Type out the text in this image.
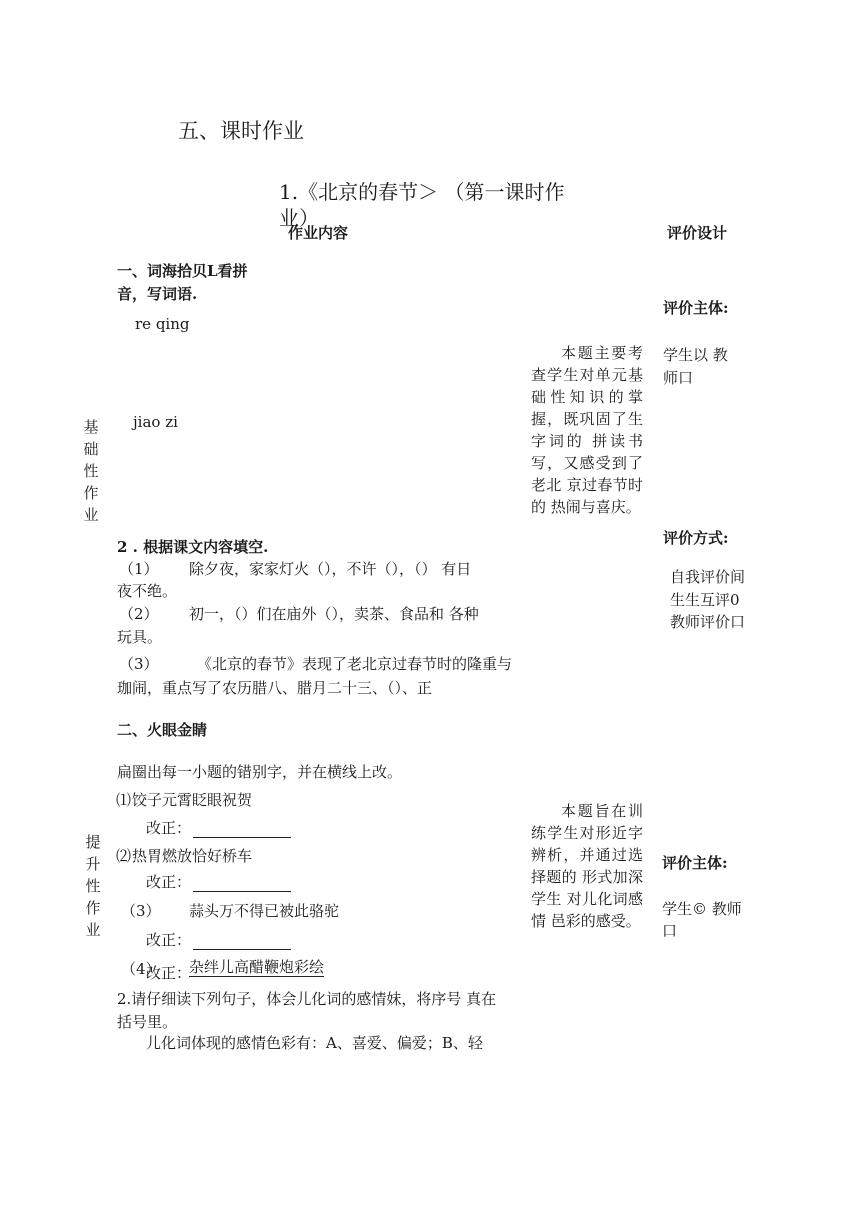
五、课时作业
1.《北京的春节＞ （第一课时作
业）
作业内容	评价设计
基础性作业
一、词海拾贝L看拼
音，写词语.
re qing
jiao zi
2 . 根据课文内容填空.
（1） 除夕夜，家家灯火（），不许（），（） 有日
夜不绝。
（2） 初一，（）们在庙外（），卖茶、食品和 各种
玩具。
（3）	《北京的春节》表现了老北京过春节时的隆重与
珈闹，重点写了农历腊八、腊月二十三、（）、正
本题主要考查学生对单元基础性知识的掌握，既巩固了生字词的 拼读书写，又感受到了老北 京过春节时的 热闹与喜庆。
评价主体:
学生以 教
师口
评价方式:
自我评价间
生生互评0
教师评价口
提升性作业
二、火眼金睛
扁圈出每一小题的错别字，并在横线上改。
⑴ 饺子元霄眨眼祝贺
改正：
⑵ 热胃燃放恰好桥车
改正：
（3） 蒜头万不得已被此骆驼
改正：
（4）
改正：
杂绊儿高醋鞭炮彩绘
2.请仔细读下列句子，体会儿化词的感情妹，将序号 真在
括号里。
儿化词体现的感情色彩有：A、喜爱、偏爱；B、轻
本题旨在训练学生对形近字辨析，并通过选择题的 形式加深学生 对儿化词感情 邑彩的感受。
评价主体:
学生© 教师
口
